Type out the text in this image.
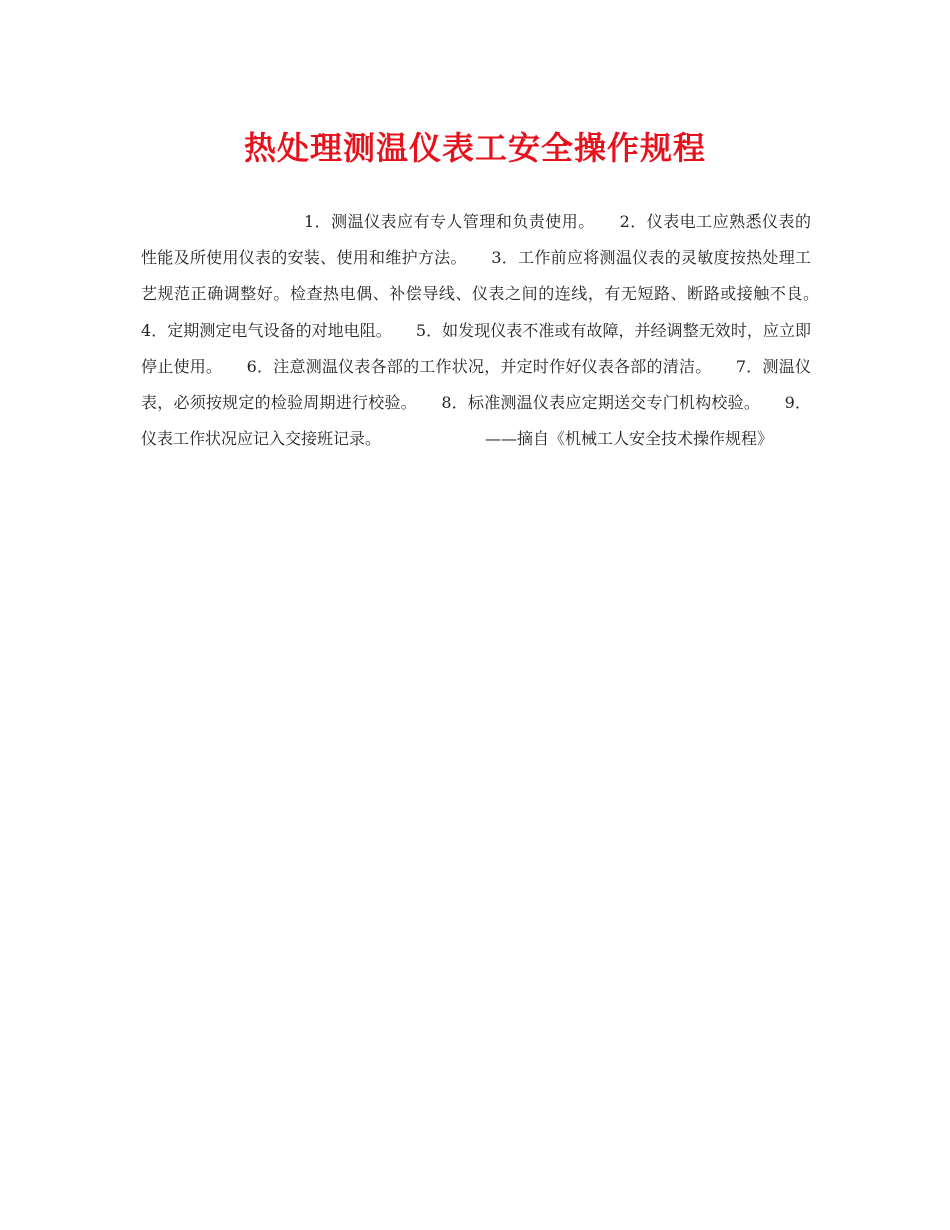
热处理测温仪表工安全操作规程

1．测温仪表应有专人管理和负责使用。　　2．仪表电工应熟悉仪表的性能及所使用仪表的安装、使用和维护方法。　　3．工作前应将测温仪表的灵敏度按热处理工艺规范正确调整好。检查热电偶、补偿导线、仪表之间的连线，有无短路、断路或接触不良。　　4．定期测定电气设备的对地电阻。　　5．如发现仪表不准或有故障，并经调整无效时，应立即停止使用。　　6．注意测温仪表各部的工作状况，并定时作好仪表各部的清洁。　　7．测温仪表，必须按规定的检验周期进行校验。　　8．标准测温仪表应定期送交专门机构校验。　　9．仪表工作状况应记入交接班记录。　　　　　　　——摘自《机械工人安全技术操作规程》
